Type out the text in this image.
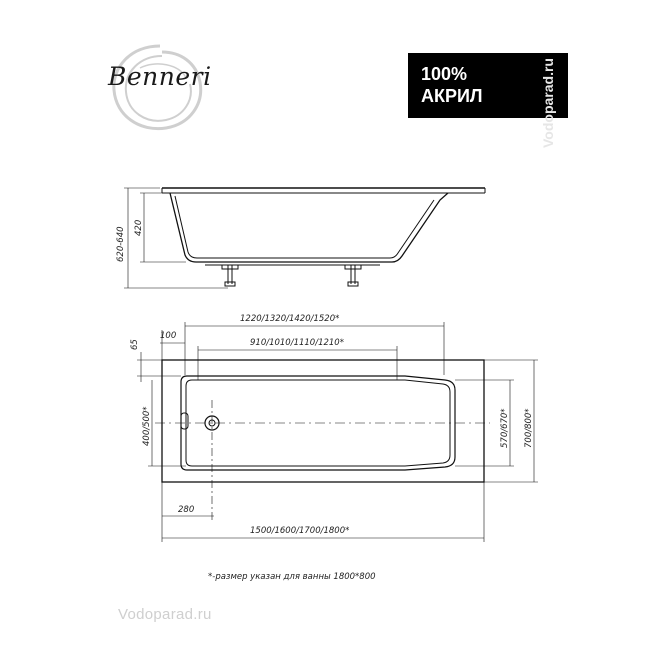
Benneri	100%
АКРИЛ	Vodoparad.ru
Vodoparad.ru
620-640 420
1220/1320/1420/1520*
910/1010/1110/1210*
100
65
400/500*	570/670* 700/800*
280
1500/1600/1700/1800*
*-размер указан для ванны 1800*800
